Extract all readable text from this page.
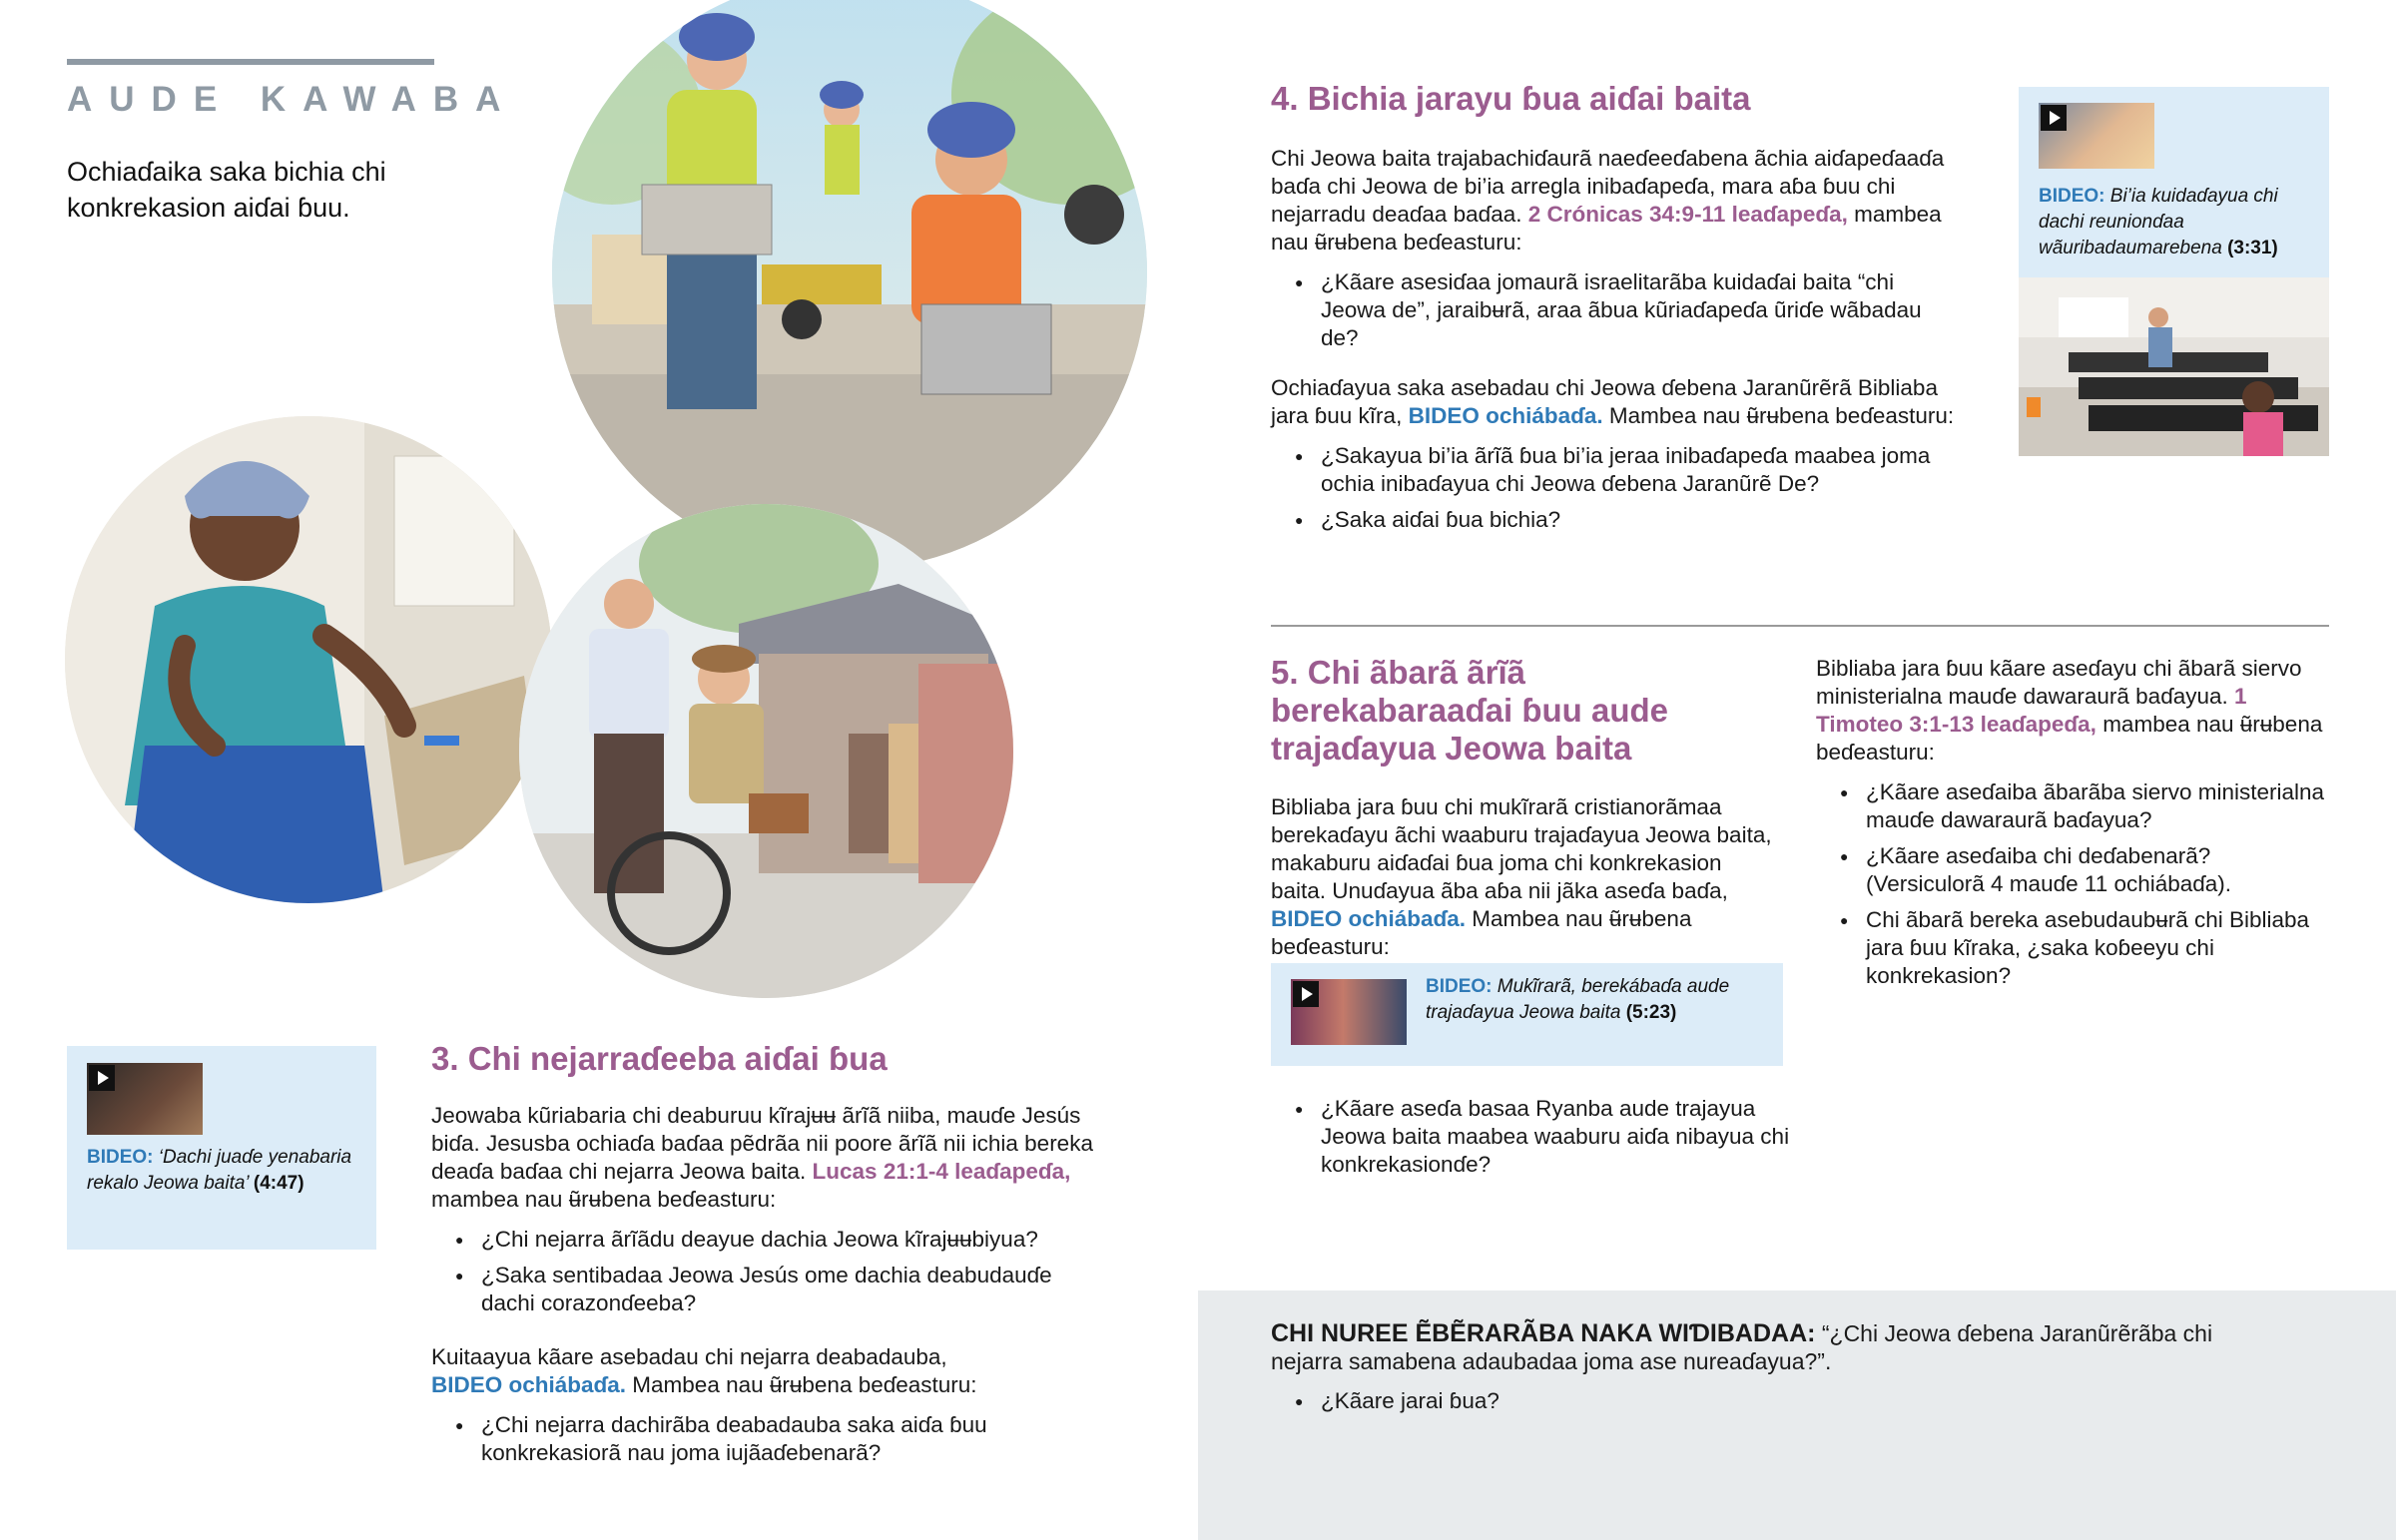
AUDE KAWABA
Ochiaɗaika saka bichia chi konkrekasion aiɗai ɓuu.
BIDEO: ‘Dachi juaɗe yenabaria rekalo Jeowa baita’ (4:47)
3. Chi nejarraɗeeba aiɗai ɓua
Jeowaba kũriabaria chi deaburuu kĩrajʉʉ ãrĩã niiba, mauɗe Jesús biɗa. Jesusba ochiaɗa baɗaa pẽdrãa nii poore ãrĩã nii ichia bereka deaɗa baɗaa chi nejarra Jeowa baita. Lucas 21:1-4 leaɗapeɗa, mambea nau ʉ̃rʉbena beɗeasturu:
● ¿Chi nejarra ãrĩãdu deayue dachia Jeowa kĩrajʉʉbiyua?
● ¿Saka sentibadaa Jeowa Jesús ome dachia deabudauɗe dachi corazonɗeeba?
Kuitaayua kãare asebadau chi nejarra deabadauba,
BIDEO ochiábaɗa. Mambea nau ʉ̃rʉbena beɗeasturu:
● ¿Chi nejarra dachirãba deabadauba saka aiɗa ɓuu konkrekasiorã nau joma iujãaɗebenarã?
4. Bichia jarayu ɓua aiɗai baita
Chi Jeowa baita trajabachiɗaurã naeɗeeɗabena ãchia aiɗapeɗaaɗa baɗa chi Jeowa de bi’ia arregla inibaɗapeɗa, mara aɓa ɓuu chi nejarradu deaɗaa baɗaa. 2 Crónicas 34:9-11 leaɗapeɗa, mambea nau ʉ̃rʉbena beɗeasturu:
● ¿Kãare asesiɗaa jomaurã israelitarãba kuidaɗai baita “chi Jeowa de”, jaraibʉrã, araa ãbua kũriaɗapeɗa ũriɗe wãbadau de?
Ochiaɗayua saka asebadau chi Jeowa ɗebena Jaranũrẽrã Bibliaba jara ɓuu kĩra, BIDEO ochiábaɗa. Mambea nau ʉ̃rʉbena beɗeasturu:
● ¿Sakayua bi’ia ãrĩã ɓua bi’ia jeraa inibaɗapeɗa maabea joma ochia inibaɗayua chi Jeowa ɗebena Jaranũrẽ De?
● ¿Saka aiɗai ɓua bichia?
BIDEO: Bi’ia kuidaɗayua chi dachi reunionɗaa wãuribadaumarebena (3:31)
5. Chi ãbarã ãrĩã berekabaraaɗai ɓuu aude trajaɗayua Jeowa baita
Bibliaba jara ɓuu chi mukĩrarã cristianorãmaa berekaɗayu ãchi waaburu trajaɗayua Jeowa baita, makaburu aiɗaɗai ɓua joma chi konkrekasion baita. Unuɗayua ãba aɓa nii jãka aseɗa baɗa, BIDEO ochiábaɗa. Mambea nau ʉ̃rʉbena beɗeasturu:
BIDEO: Mukĩrarã, berekábaɗa aude trajaɗayua Jeowa baita (5:23)
● ¿Kãare aseɗa basaa Ryanba aude trajayua Jeowa baita maabea waaburu aiɗa nibayua chi konkrekasionɗe?
Bibliaba jara ɓuu kãare aseɗayu chi ãbarã siervo ministerialna mauɗe dawaraurã baɗayua. 1 Timoteo 3:1-13 leaɗapeɗa, mambea nau ʉ̃rʉbena beɗeasturu:
● ¿Kãare aseɗaiba ãbarãba siervo ministerialna mauɗe dawaraurã baɗayua?
● ¿Kãare aseɗaiba chi deɗabenarã? (Versiculorã 4 mauɗe 11 ochiábaɗa).
● Chi ãbarã bereka asebudaubʉrã chi Bibliaba jara ɓuu kĩraka, ¿saka koɓeeyu chi konkrekasion?
CHI NUREE ẼBẼRARÃBA NAKA WIƊIBADAA: “¿Chi Jeowa ɗebena Jaranũrẽrãba chi nejarra samabena adaubadaa joma ase nureaɗayua?”.
● ¿Kãare jarai ɓua?
